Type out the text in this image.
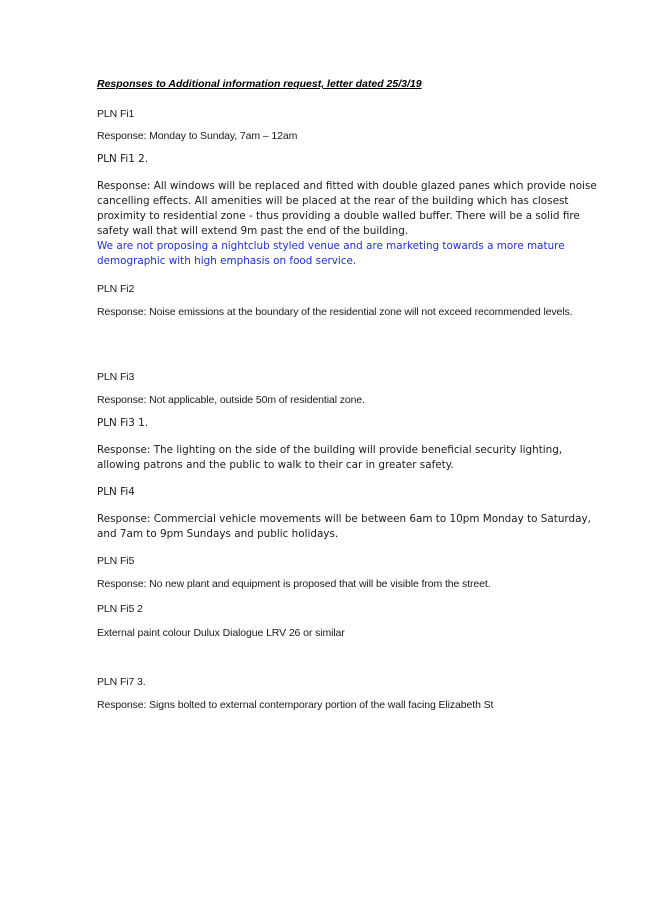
Responses to Additional information request, letter dated 25/3/19

PLN Fi1

Response: Monday to Sunday, 7am – 12am

PLN Fi1 2.

Response: All windows will be replaced and fitted with double glazed panes which provide noise cancelling effects. All amenities will be placed at the rear of the building which has closest proximity to residential zone - thus providing a double walled buffer. There will be a solid fire safety wall that will extend 9m past the end of the building.

We are not proposing a nightclub styled venue and are marketing towards a more mature demographic with high emphasis on food service.

PLN Fi2

Response: Noise emissions at the boundary of the residential zone will not exceed recommended levels.

PLN Fi3

Response: Not applicable, outside 50m of residential zone.

PLN Fi3 1.

Response: The lighting on the side of the building will provide beneficial security lighting, allowing patrons and the public to walk to their car in greater safety.

PLN Fi4

Response: Commercial vehicle movements will be between 6am to 10pm Monday to Saturday, and 7am to 9pm Sundays and public holidays.

PLN Fi5

Response: No new plant and equipment is proposed that will be visible from the street.

PLN Fi5 2

External paint colour Dulux Dialogue LRV 26 or similar

PLN Fi7 3.

Response: Signs bolted to external contemporary portion of the wall facing Elizabeth St
